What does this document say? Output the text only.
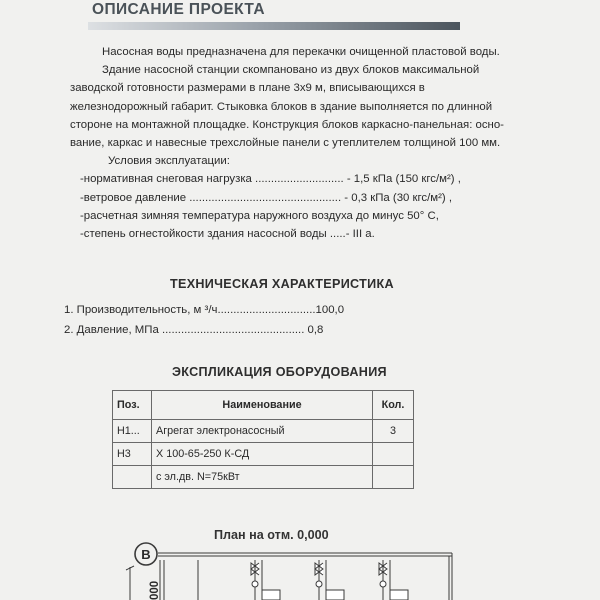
ОПИСАНИЕ ПРОЕКТА
Насосная воды предназначена для перекачки очищенной пластовой воды.
Здание насосной станции скомпановано из двух блоков максимальной
заводской готовности размерами в плане 3х9 м, вписывающихся в
железнодорожный габарит. Стыковка блоков в здание выполняется по длинной
стороне на монтажной площадке. Конструкция блоков каркасно-панельная: осно-
вание, каркас и навесные трехслойные панели с утеплителем толщиной 100 мм.
Условия эксплуатации:
-нормативная снеговая нагрузка ............................ - 1,5 кПа (150 кгс/м²) ,
-ветровое давление ................................................ - 0,3 кПа (30 кгс/м²) ,
-расчетная зимняя температура наружного воздуха до минус 50° С,
-степень огнестойкости здания насосной воды .....- III а.
ТЕХНИЧЕСКАЯ ХАРАКТЕРИСТИКА
1. Производительность, м ³/ч...............................100,0
2. Давление, МПа ............................................. 0,8
ЭКСПЛИКАЦИЯ ОБОРУДОВАНИЯ
Поз.	Наименование	Кол.
Н1...	Агрегат электронасосный	3
Н3	Х 100-65-250 К-СД	
	с эл.дв. N=75кВт	
План на отм. 0,000
В
000
